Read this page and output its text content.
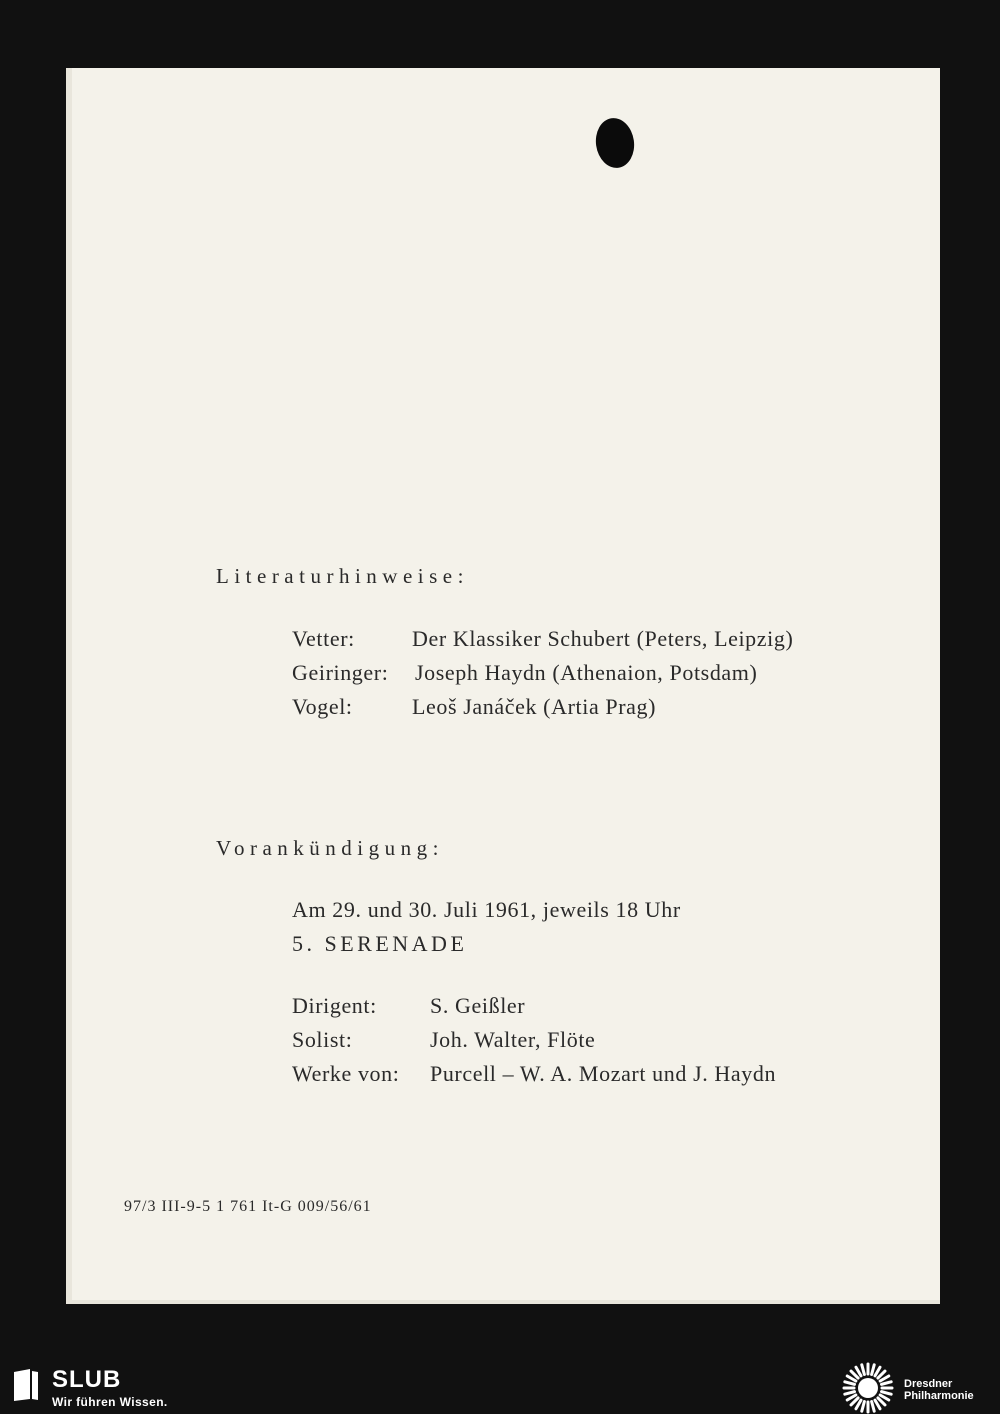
Literaturhinweise:
Vetter:	Der Klassiker Schubert (Peters, Leipzig)
Geiringer: Joseph Haydn (Athenaion, Potsdam)
Vogel:	Leoš Janáček (Artia Prag)
Vorankündigung:
Am 29. und 30. Juli 1961, jeweils 18 Uhr
5. SERENADE
Dirigent: S. Geißler
Solist:	Joh. Walter, Flöte
Werke von: Purcell – W. A. Mozart und J. Haydn
97/3 III-9-5 1 761 It-G 009/56/61
SLUB
Wir führen Wissen.
Dresdner
Philharmonie
